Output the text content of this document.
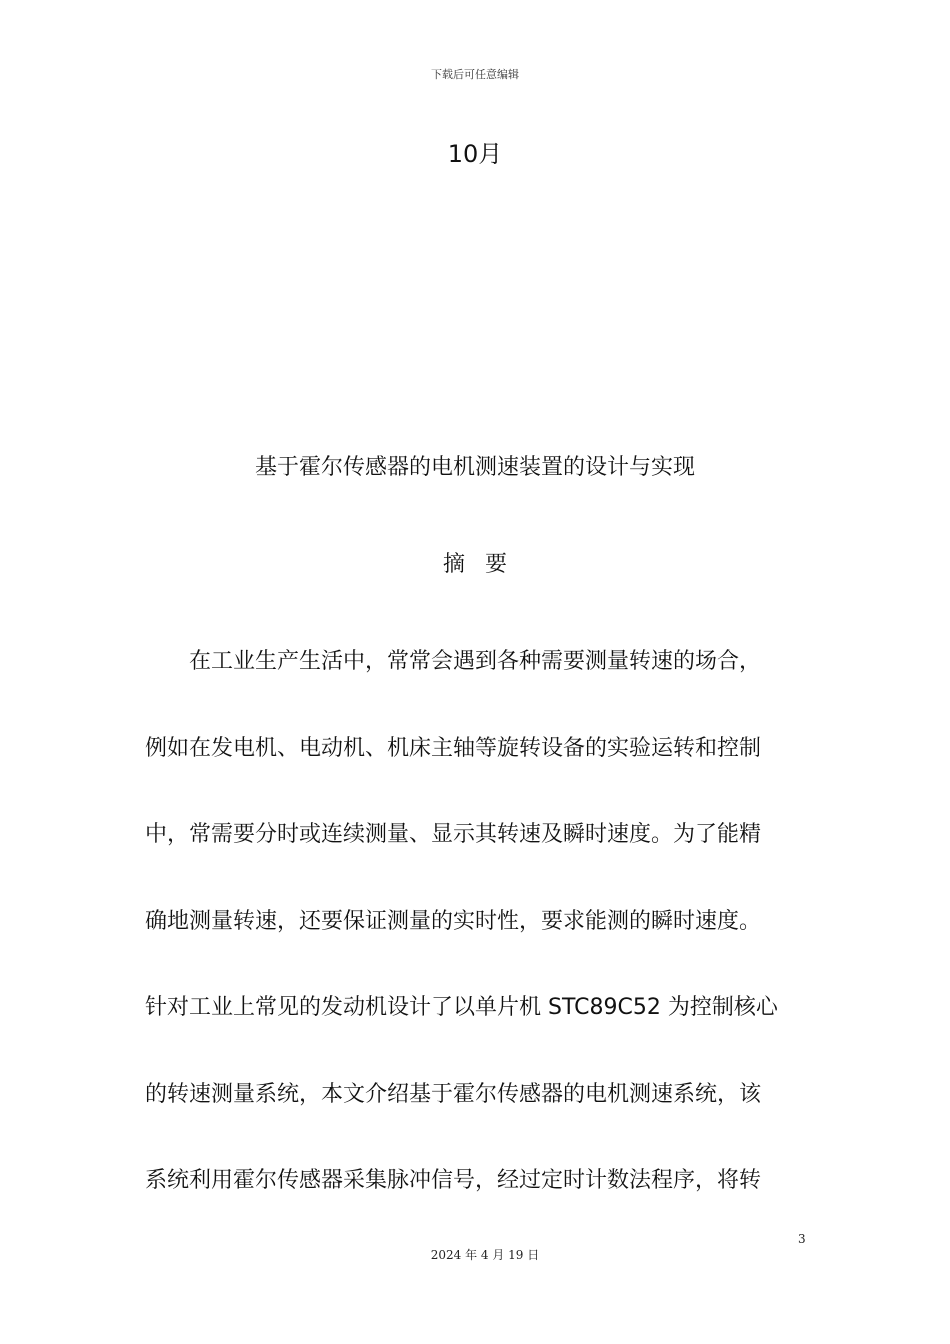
下载后可任意编辑
10月
基于霍尔传感器的电机测速装置的设计与实现
摘要
在工业生产生活中，常常会遇到各种需要测量转速的场合，
例如在发电机、电动机、机床主轴等旋转设备的实验运转和控制
中，常需要分时或连续测量、显示其转速及瞬时速度。为了能精
确地测量转速，还要保证测量的实时性，要求能测的瞬时速度。
针对工业上常见的发动机设计了以单片机 STC89C52 为控制核心
的转速测量系统，本文介绍基于霍尔传感器的电机测速系统，该
系统利用霍尔传感器采集脉冲信号，经过定时计数法程序，将转
3
2024 年 4 月 19 日
